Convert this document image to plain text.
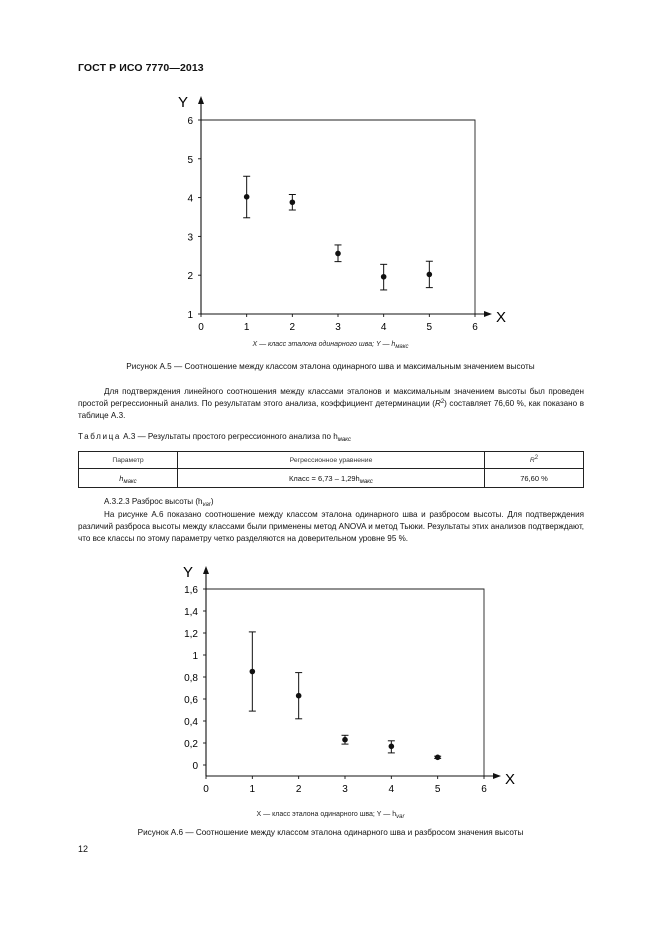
ГОСТ Р ИСО 7770—2013
Y
X
0	1	2	3	4	5	6
1
2
3
4
5
6
X — класс эталона одинарного шва; Y — $h_{макс}$
Рисунок А.5 — Соотношение между классом эталона одинарного шва и максимальным значением высоты

Для подтверждения линейного соотношения между классами эталонов и максимальным значением высоты был проведен простой регрессионный анализ. По результатам этого анализа, коэффициент детерминации $(R^2)$ составляет 76,60 %, как показано в таблице А.3.

Таблица А.3 — Результаты простого регрессионного анализа по $h_{макс}$
Параметр	Регрессионное уравнение	$R^2$
$h_{макс}$	Класс = $6,73 - 1,29h_{макс}$	76,60 %
А.3.2.3 Разброс высоты $(h_{var})$

На рисунке А.6 показано соотношение между классом эталона одинарного шва и разбросом высоты. Для подтверждения различий разброса высоты между классами были применены метод ANOVA и метод Тьюки. Результаты этих анализов подтверждают, что все классы по этому параметру четко разделяются на доверительном уровне 95 %.

Y
X
0	1	2	3	4	5	6
0
0,2
0,4
0,6
0,8
1
1,2
1,4
1,6
X — класс эталона одинарного шва; Y — $h_{var}$
Рисунок А.6 — Соотношение между классом эталона одинарного шва и разбросом значения высоты
12
